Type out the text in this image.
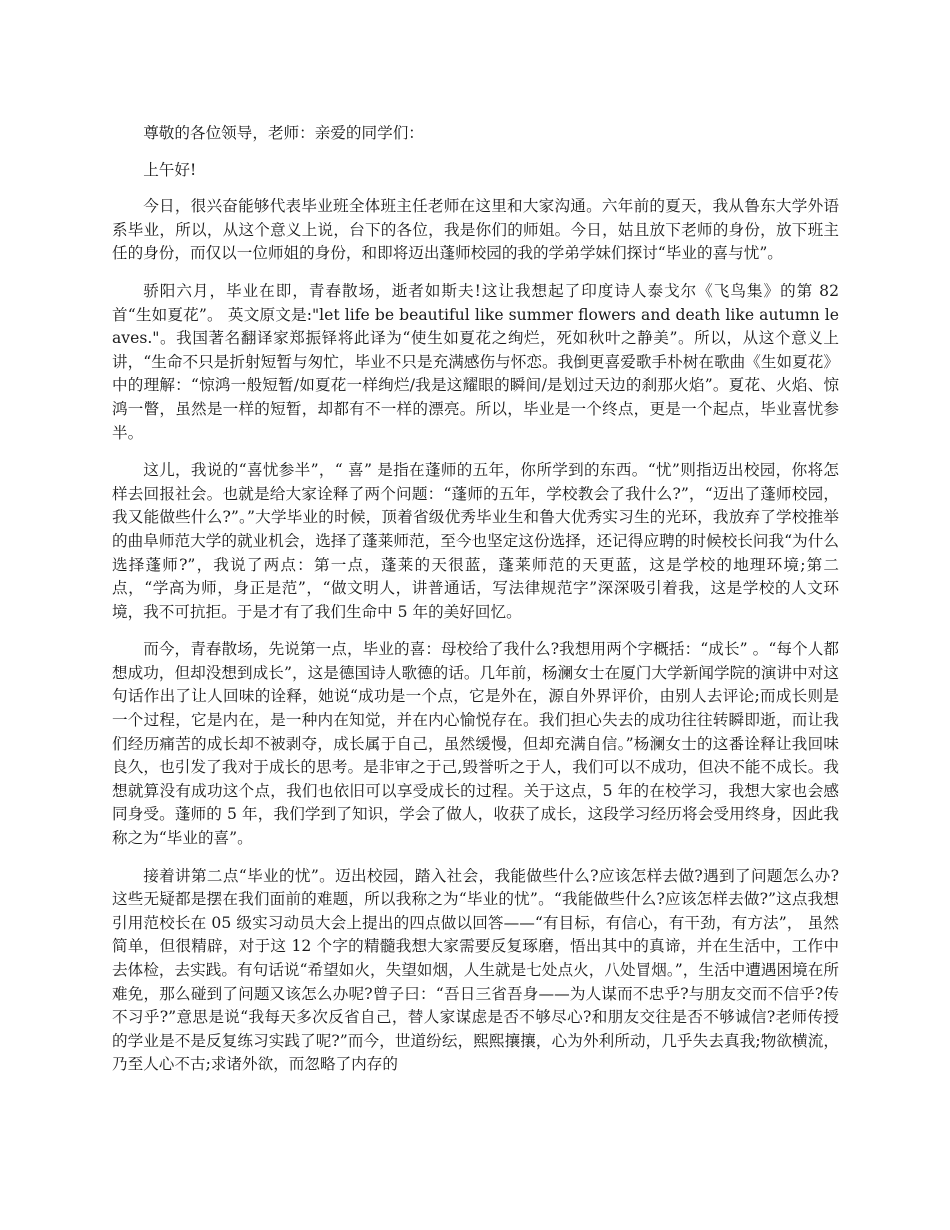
尊敬的各位领导，老师：亲爱的同学们：

上午好!

今日，很兴奋能够代表毕业班全体班主任老师在这里和大家沟通。六年前的夏天，我从鲁东大学外语系毕业，所以，从这个意义上说，台下的各位，我是你们的师姐。今日，姑且放下老师的身份，放下班主任的身份，而仅以一位师姐的身份，和即将迈出蓬师校园的我的学弟学妹们探讨“毕业的喜与忧”。

骄阳六月，毕业在即，青春散场，逝者如斯夫!这让我想起了印度诗人泰戈尔《飞鸟集》的第 82 首“生如夏花”。 英文原文是:"let life be beautiful like summer flowers and death like autumn leaves."。我国著名翻译家郑振铎将此译为“使生如夏花之绚烂，死如秋叶之静美”。所以，从这个意义上讲，“生命不只是折射短暂与匆忙，毕业不只是充满感伤与怀恋。我倒更喜爱歌手朴树在歌曲《生如夏花》中的理解：“惊鸿一般短暂/如夏花一样绚烂/我是这耀眼的瞬间/是划过天边的刹那火焰”。夏花、火焰、惊鸿一瞥，虽然是一样的短暂，却都有不一样的漂亮。所以，毕业是一个终点，更是一个起点，毕业喜忧参半。

这儿，我说的“喜忧参半”，“ 喜” 是指在蓬师的五年，你所学到的东西。“忧”则指迈出校园，你将怎样去回报社会。也就是给大家诠释了两个问题：“蓬师的五年，学校教会了我什么?”，“迈出了蓬师校园，我又能做些什么?”。”大学毕业的时候，顶着省级优秀毕业生和鲁大优秀实习生的光环，我放弃了学校推举的曲阜师范大学的就业机会，选择了蓬莱师范，至今也坚定这份选择，还记得应聘的时候校长问我“为什么选择蓬师?”，我说了两点：第一点，蓬莱的天很蓝，蓬莱师范的天更蓝，这是学校的地理环境;第二点，“学高为师，身正是范”，“做文明人，讲普通话，写法律规范字”深深吸引着我，这是学校的人文环境，我不可抗拒。于是才有了我们生命中 5 年的美好回忆。

而今，青春散场，先说第一点，毕业的喜：母校给了我什么?我想用两个字概括：“成长” 。“每个人都想成功，但却没想到成长”，这是德国诗人歌德的话。几年前，杨澜女士在厦门大学新闻学院的演讲中对这句话作出了让人回味的诠释，她说“成功是一个点，它是外在，源自外界评价，由别人去评论;而成长则是一个过程，它是内在，是一种内在知觉，并在内心愉悦存在。我们担心失去的成功往往转瞬即逝，而让我们经历痛苦的成长却不被剥夺，成长属于自己，虽然缓慢，但却充满自信。”杨澜女士的这番诠释让我回味良久，也引发了我对于成长的思考。是非审之于己,毁誉听之于人，我们可以不成功，但决不能不成长。我想就算没有成功这个点，我们也依旧可以享受成长的过程。关于这点，5 年的在校学习，我想大家也会感同身受。蓬师的 5 年，我们学到了知识，学会了做人，收获了成长，这段学习经历将会受用终身，因此我称之为“毕业的喜”。

接着讲第二点“毕业的忧”。迈出校园，踏入社会，我能做些什么?应该怎样去做?遇到了问题怎么办?这些无疑都是摆在我们面前的难题，所以我称之为“毕业的忧”。“我能做些什么?应该怎样去做?”这点我想引用范校长在 05 级实习动员大会上提出的四点做以回答——“有目标，有信心，有干劲，有方法”， 虽然简单，但很精辟，对于这 12 个字的精髓我想大家需要反复琢磨，悟出其中的真谛，并在生活中，工作中去体检，去实践。有句话说“希望如火，失望如烟，人生就是七处点火，八处冒烟。”，生活中遭遇困境在所难免，那么碰到了问题又该怎么办呢?曾子曰：“吾日三省吾身——为人谋而不忠乎?与朋友交而不信乎?传不习乎?”意思是说“我每天多次反省自己，替人家谋虑是否不够尽心?和朋友交往是否不够诚信?老师传授的学业是不是反复练习实践了呢?”而今，世道纷纭，熙熙攘攘，心为外利所动，几乎失去真我;物欲横流，乃至人心不古;求诸外欲，而忽略了内存的
